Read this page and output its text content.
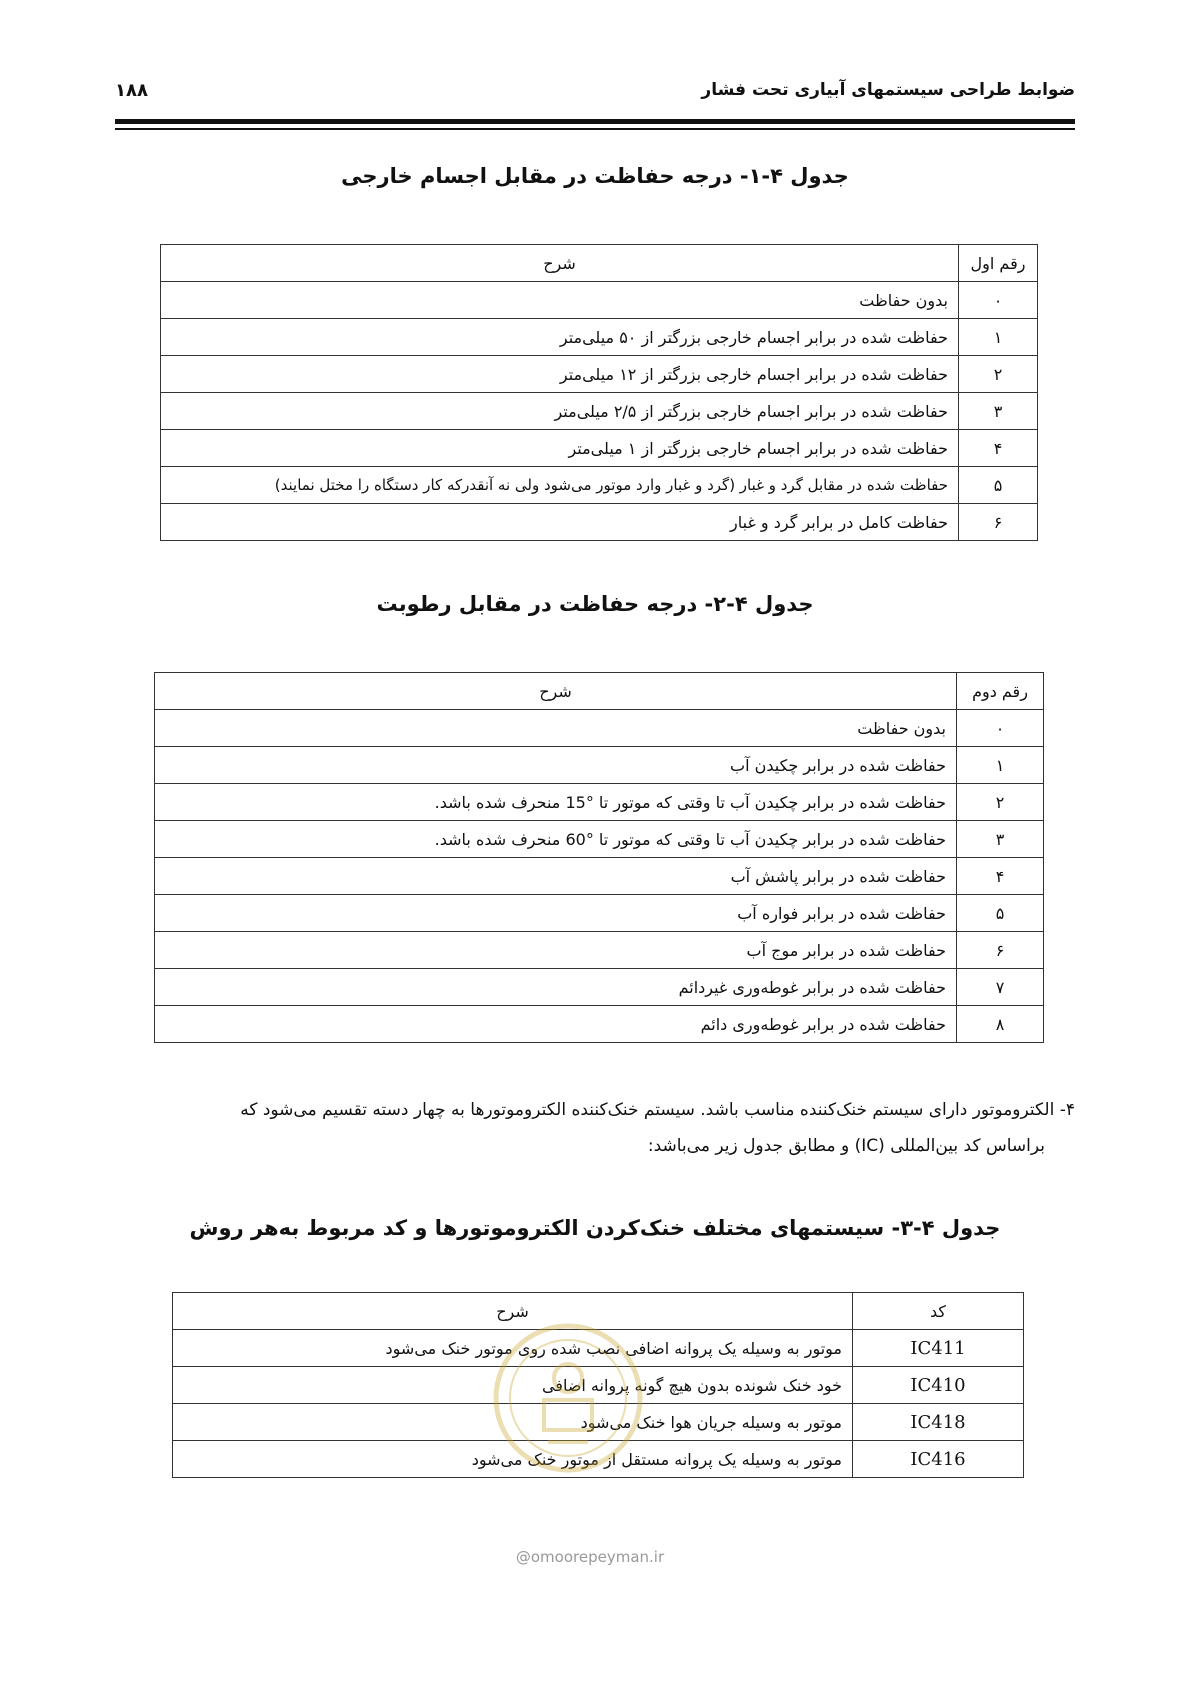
ضوابط طراحی سیستمهای آبیاری تحت فشار
۱۸۸
جدول ۴-۱- درجه حفاظت در مقابل اجسام خارجی
رقم اول	شرح
۰	بدون حفاظت
۱	حفاظت شده در برابر اجسام خارجی بزرگتر از ۵۰ میلی‌متر
۲	حفاظت شده در برابر اجسام خارجی بزرگتر از ۱۲ میلی‌متر
۳	حفاظت شده در برابر اجسام خارجی بزرگتر از ۲/۵ میلی‌متر
۴	حفاظت شده در برابر اجسام خارجی بزرگتر از ۱ میلی‌متر
۵	حفاظت شده در مقابل گرد و غبار (گرد و غبار وارد موتور می‌شود ولی نه آنقدرکه کار دستگاه را مختل نمایند)
۶	حفاظت کامل در برابر گرد و غبار
جدول ۴-۲- درجه حفاظت در مقابل رطوبت
رقم دوم	شرح
۰	بدون حفاظت
۱	حفاظت شده در برابر چکیدن آب
۲	حفاظت شده در برابر چکیدن آب تا وقتی که موتور تا °15 منحرف شده باشد.
۳	حفاظت شده در برابر چکیدن آب تا وقتی که موتور تا °60 منحرف شده باشد.
۴	حفاظت شده در برابر پاشش آب
۵	حفاظت شده در برابر فواره آب
۶	حفاظت شده در برابر موج آب
۷	حفاظت شده در برابر غوطه‌وری غیردائم
۸	حفاظت شده در برابر غوطه‌وری دائم
۴- الکتروموتور دارای سیستم خنک‌کننده مناسب باشد. سیستم خنک‌کننده الکتروموتورها به چهار دسته تقسیم می‌شود که
براساس کد بین‌المللی (IC) و مطابق جدول زیر می‌باشد:
جدول ۴-۳- سیستمهای مختلف خنک‌کردن الکتروموتورها و کد مربوط به‌هر روش
کد	شرح
IC411	موتور به وسیله یک پروانه اضافی نصب شده روی موتور خنک می‌شود
IC410	خود خنک شونده بدون هیچ گونه پروانه اضافی
IC418	موتور به وسیله جریان هوا خنک می‌شود
IC416	موتور به وسیله یک پروانه مستقل از موتور خنک می‌شود
@omoorepeyman.ir
